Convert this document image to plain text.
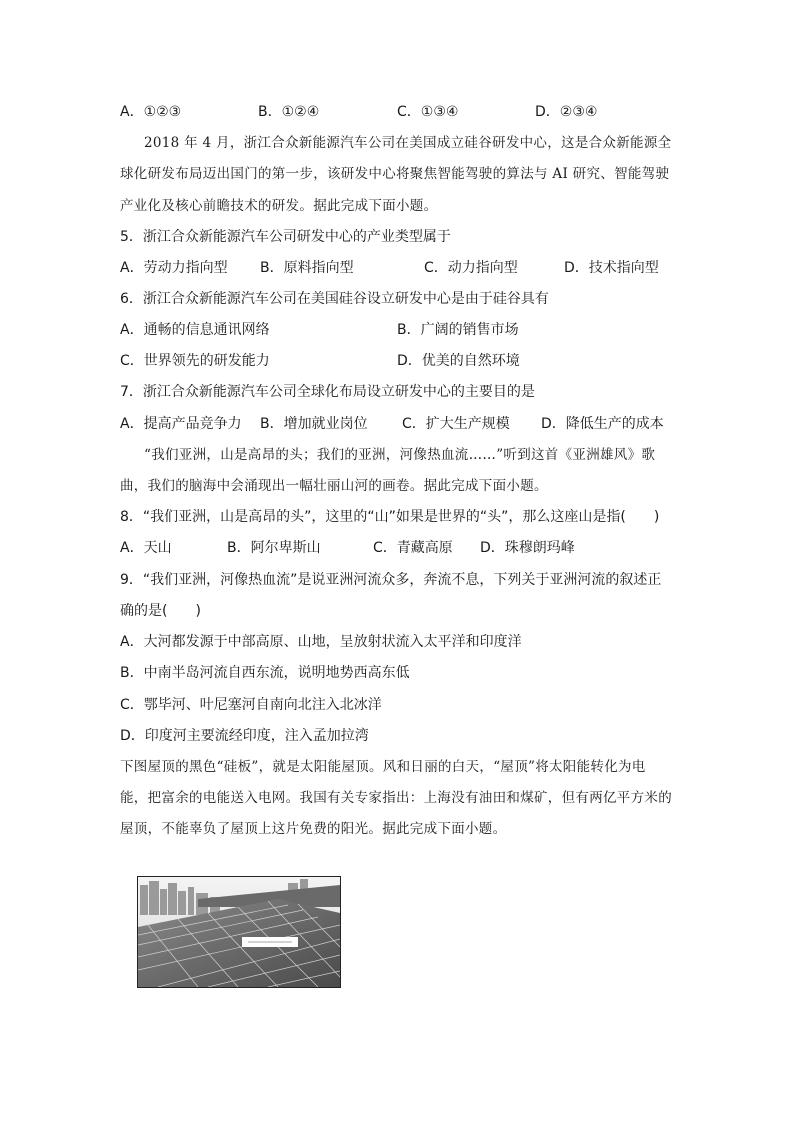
A．①②③	B．①②④	C．①③④	D．②③④
2018 年 4 月，浙江合众新能源汽车公司在美国成立硅谷研发中心，这是合众新能源全
球化研发布局迈出国门的第一步，该研发中心将聚焦智能驾驶的算法与 AI 研究、智能驾驶
产业化及核心前瞻技术的研发。据此完成下面小题。
5．浙江合众新能源汽车公司研发中心的产业类型属于
A．劳动力指向型 B．原料指向型	C．动力指向型	D．技术指向型
6．浙江合众新能源汽车公司在美国硅谷设立研发中心是由于硅谷具有
A．通畅的信息通讯网络	B．广阔的销售市场
C．世界领先的研发能力	D．优美的自然环境
7．浙江合众新能源汽车公司全球化布局设立研发中心的主要目的是
A．提高产品竞争力 B．增加就业岗位 C．扩大生产规模 D．降低生产的成本
“我们亚洲，山是高昂的头；我们的亚洲，河像热血流……”听到这首《亚洲雄风》歌
曲，我们的脑海中会涌现出一幅壮丽山河的画卷。据此完成下面小题。
8．“我们亚洲，山是高昂的头”，这里的“山”如果是世界的“头”，那么这座山是指(　　)
A．天山	B．阿尔卑斯山	C．青藏高原 D．珠穆朗玛峰
9．“我们亚洲，河像热血流”是说亚洲河流众多，奔流不息，下列关于亚洲河流的叙述正
确的是(　　)
A．大河都发源于中部高原、山地，呈放射状流入太平洋和印度洋
B．中南半岛河流自西东流，说明地势西高东低
C．鄂毕河、叶尼塞河自南向北注入北冰洋
D．印度河主要流经印度，注入孟加拉湾
下图屋顶的黑色“硅板”，就是太阳能屋顶。风和日丽的白天，“屋顶”将太阳能转化为电
能，把富余的电能送入电网。我国有关专家指出：上海没有油田和煤矿，但有两亿平方米的
屋顶，不能辜负了屋顶上这片免费的阳光。据此完成下面小题。
